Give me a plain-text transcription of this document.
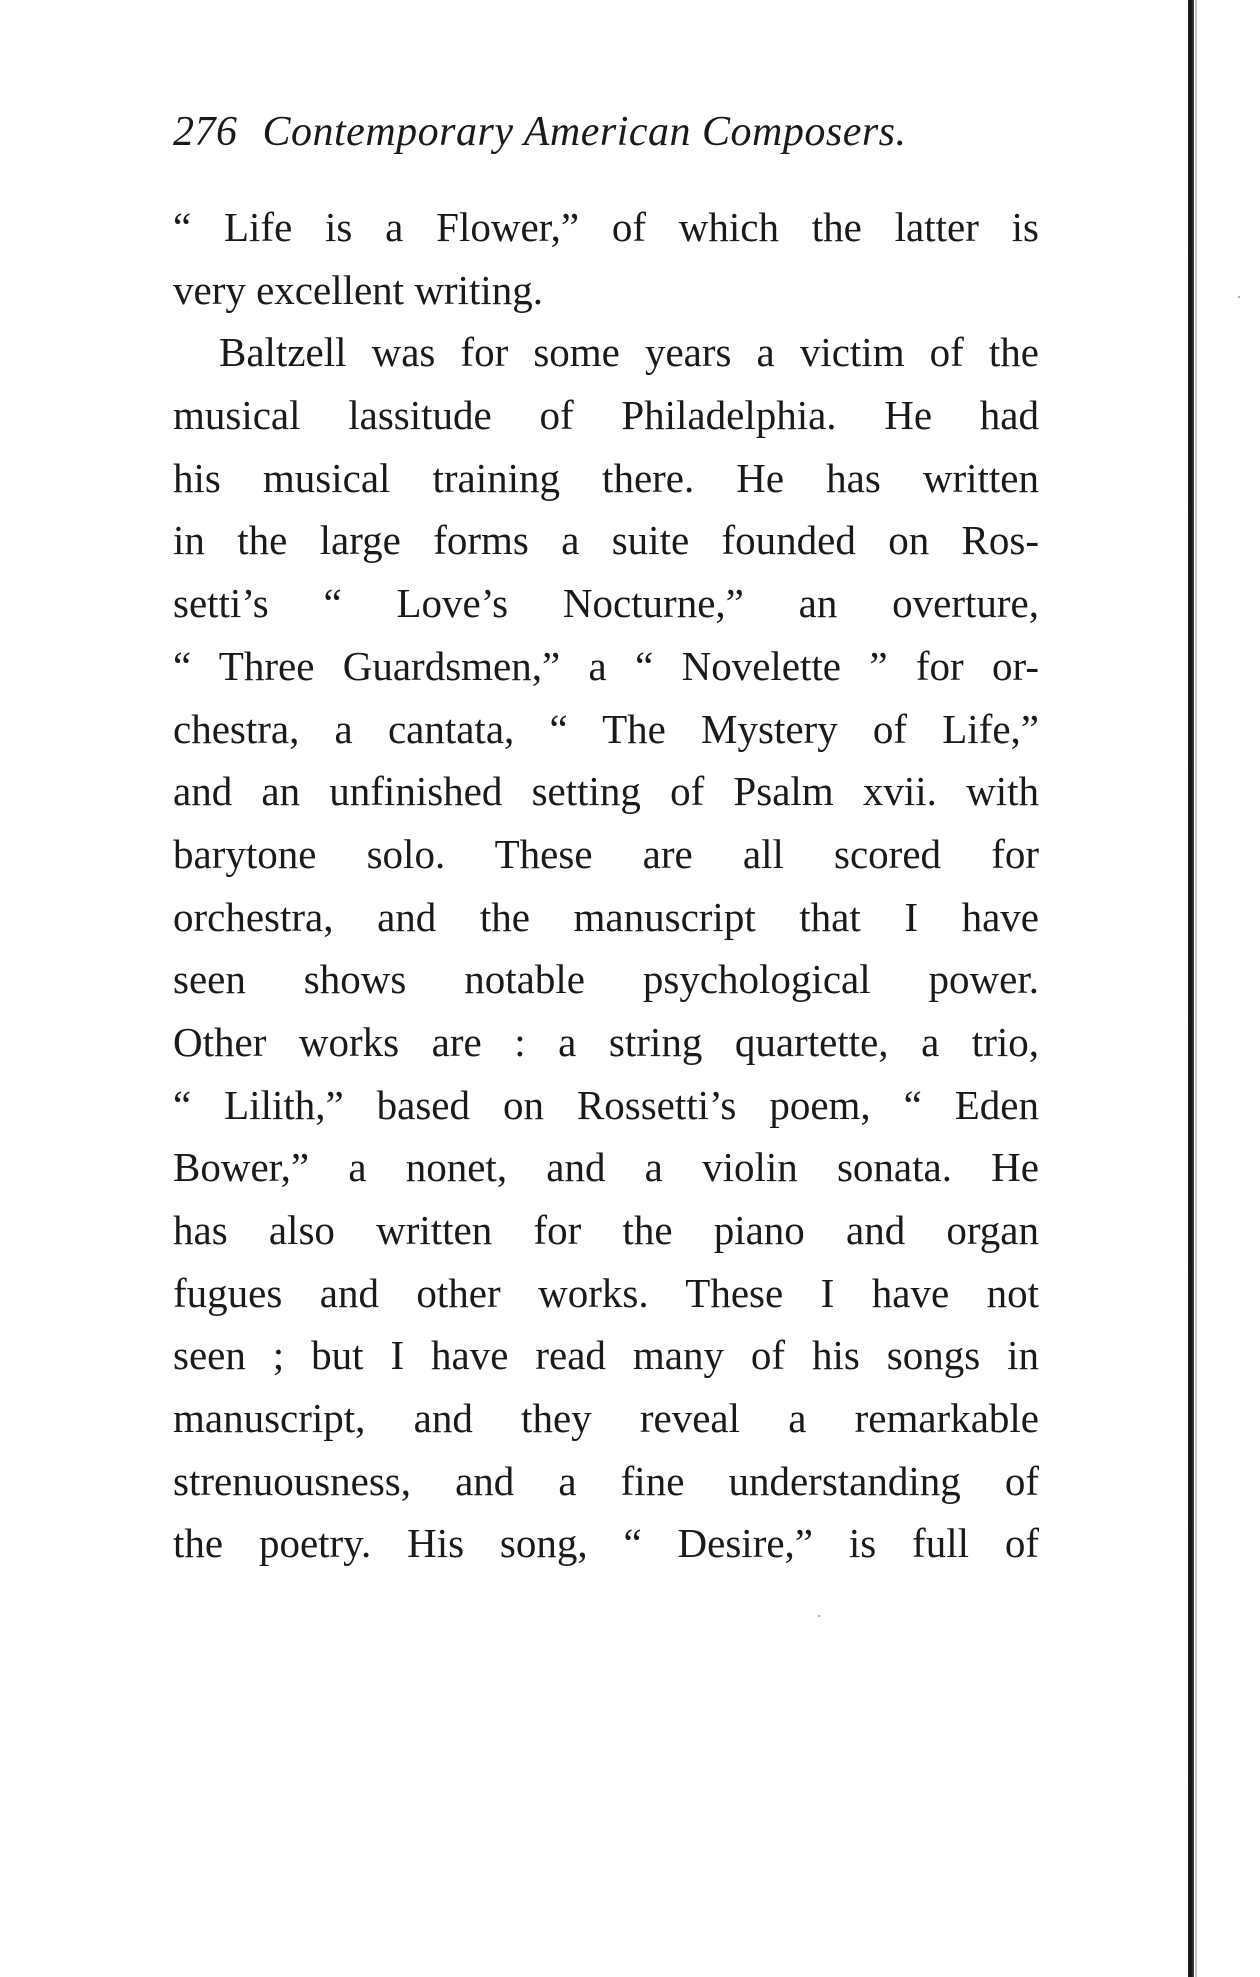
276 Contemporary American Composers.
“ Life is a Flower,” of which the latter is
very excellent writing.
Baltzell was for some years a victim of the
musical lassitude of Philadelphia. He had
his musical training there. He has written
in the large forms a suite founded on Ros-
setti’s “ Love’s Nocturne,” an overture,
“ Three Guardsmen,” a “ Novelette ” for or-
chestra, a cantata, “ The Mystery of Life,”
and an unfinished setting of Psalm xvii. with
barytone solo. These are all scored for
orchestra, and the manuscript that I have
seen shows notable psychological power.
Other works are : a string quartette, a trio,
“ Lilith,” based on Rossetti’s poem, “ Eden
Bower,” a nonet, and a violin sonata. He
has also written for the piano and organ
fugues and other works. These I have not
seen ; but I have read many of his songs in
manuscript, and they reveal a remarkable
strenuousness, and a fine understanding of
the poetry. His song, “ Desire,” is full of
